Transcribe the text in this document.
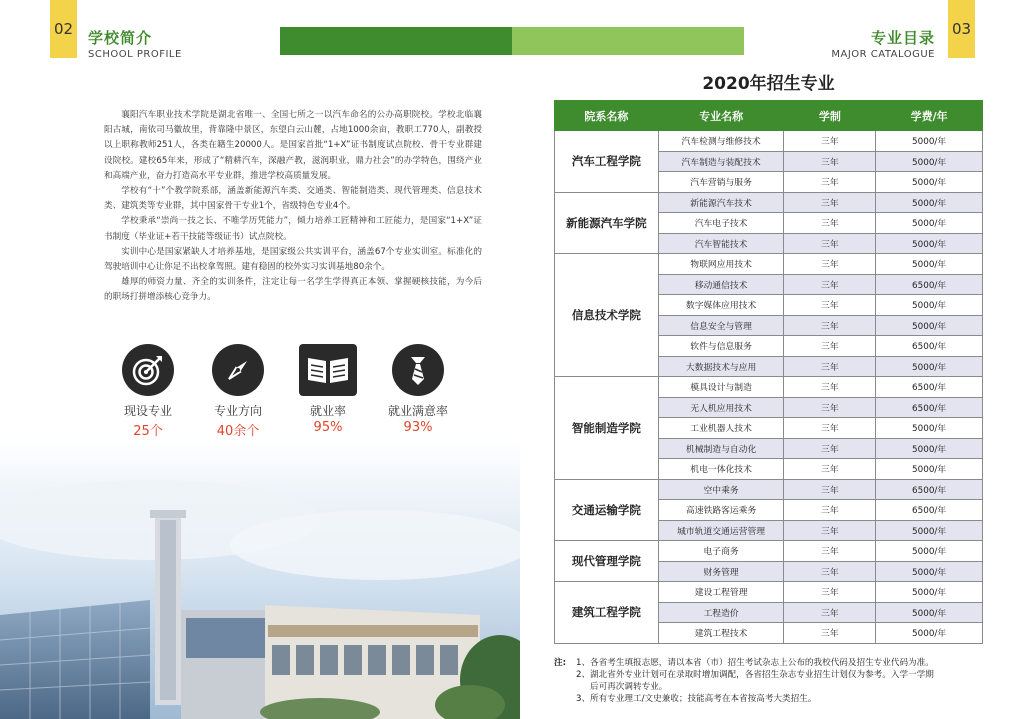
02 学校简介
SCHOOL PROFILE
专业目录
MAJOR CATALOGUE
03

襄阳汽车职业技术学院是湖北省唯一、全国七所之一以汽车命名的公办高职院校。学校北临襄阳古城，南依司马徽故里，背靠隆中景区，东望白云山麓，占地1000余亩，教职工770人，副教授以上职称教师251人，各类在籍生20000人。是国家首批“1+X”证书制度试点院校、骨干专业群建设院校。建校65年来，形成了“精耕汽车，深融产教，滋润职业，鼎力社会”的办学特色，围绕产业和高端产业，奋力打造高水平专业群，推进学校高质量发展。

学校有“十”个教学院系部，涵盖新能源汽车类、交通类、智能制造类、现代管理类、信息技术类、建筑类等专业群，其中国家骨干专业1个，省级特色专业4个。

学校秉承“崇尚一技之长、不唯学历凭能力”，倾力培养工匠精神和工匠能力，是国家“1+X”证书制度（毕业证+若干技能等级证书）试点院校。

实训中心是国家紧缺人才培养基地，是国家级公共实训平台，涵盖67个专业实训室。标准化的驾驶培训中心让你足不出校拿驾照。建有稳固的校外实习实训基地80余个。

雄厚的师资力量、齐全的实训条件，注定让每一名学生学得真正本领、掌握硬核技能，为今后的职场打拼增添核心竞争力。

现设专业
25个
专业方向
40余个
就业率
95%
就业满意率
93%
2020年招生专业
院系名称	专业名称	学制	学费/年
汽车工程学院	汽车检测与维修技术	三年	5000/年
	汽车制造与装配技术	三年	5000/年
	汽车营销与服务	三年	5000/年
新能源汽车学院	新能源汽车技术	三年	5000/年
	汽车电子技术	三年	5000/年
	汽车智能技术	三年	5000/年
信息技术学院	物联网应用技术	三年	5000/年
	移动通信技术	三年	6500/年
	数字媒体应用技术	三年	5000/年
	信息安全与管理	三年	5000/年
	软件与信息服务	三年	6500/年
	大数据技术与应用	三年	5000/年
智能制造学院	模具设计与制造	三年	6500/年
	无人机应用技术	三年	6500/年
	工业机器人技术	三年	5000/年
	机械制造与自动化	三年	5000/年
	机电一体化技术	三年	5000/年
交通运输学院	空中乘务	三年	6500/年
	高速铁路客运乘务	三年	6500/年
	城市轨道交通运营管理	三年	5000/年
现代管理学院	电子商务	三年	5000/年
	财务管理	三年	5000/年
建筑工程学院	建设工程管理	三年	5000/年
	工程造价	三年	5000/年
	建筑工程技术	三年	5000/年
注:	1、各省考生填报志愿，请以本省（市）招生考试杂志上公布的我校代码及招生专业代码为准。
2、湖北省外专业计划可在录取时增加调配，各省招生杂志专业招生计划仅为参考。入学一学期
后可再次调转专业。
3、所有专业理工/文史兼收；技能高考在本省按高考大类招生。
